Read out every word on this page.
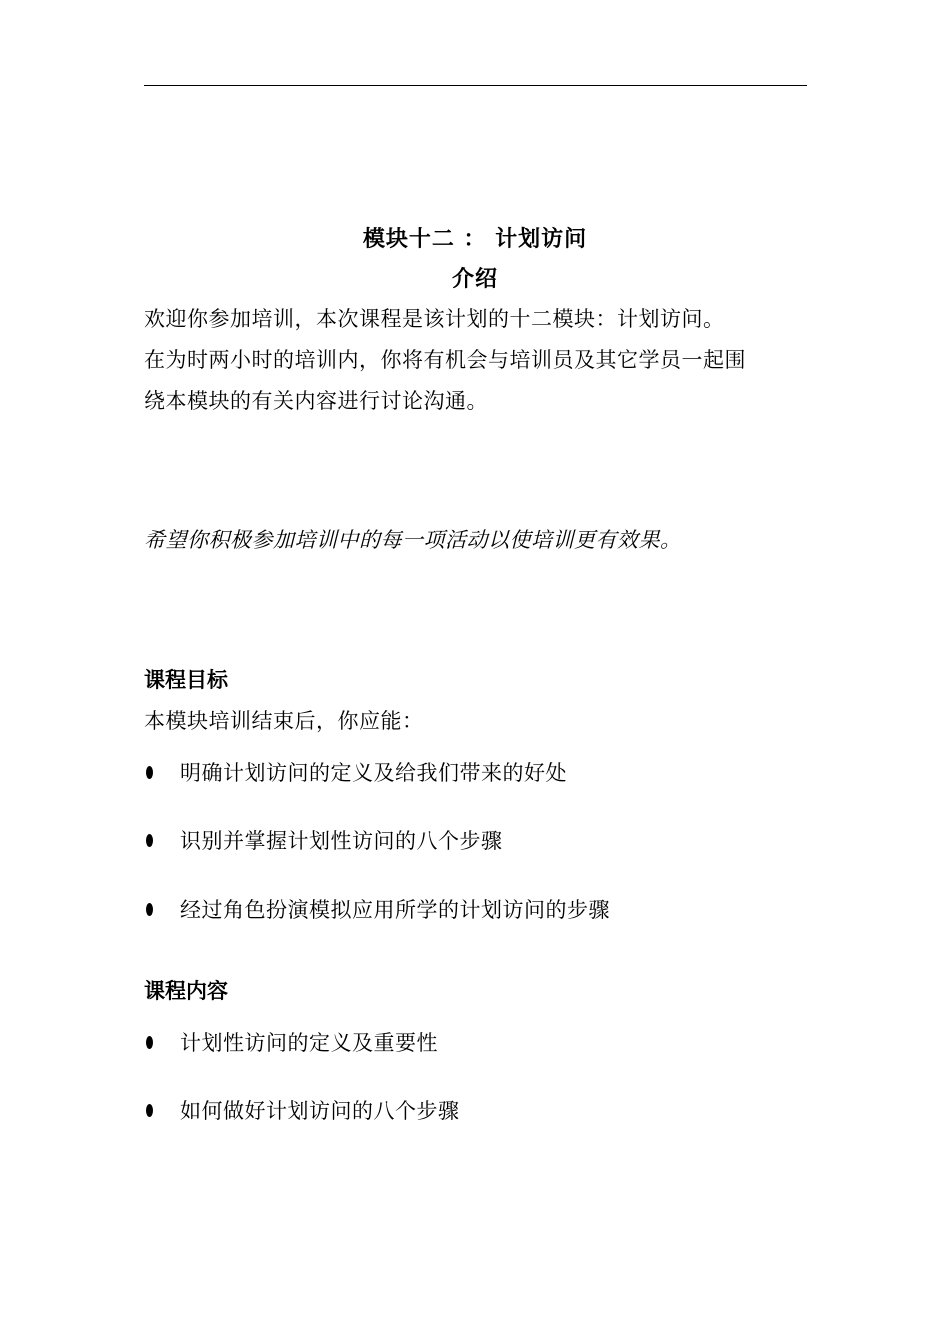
模块十二 ： 计划访问
介绍
欢迎你参加培训，本次课程是该计划的十二模块：计划访问。
在为时两小时的培训内，你将有机会与培训员及其它学员一起围
绕本模块的有关内容进行讨论沟通。
希望你积极参加培训中的每一项活动以使培训更有效果。
课程目标
本模块培训结束后，你应能：
明确计划访问的定义及给我们带来的好处
识别并掌握计划性访问的八个步骤
经过角色扮演模拟应用所学的计划访问的步骤
课程内容
计划性访问的定义及重要性
如何做好计划访问的八个步骤
